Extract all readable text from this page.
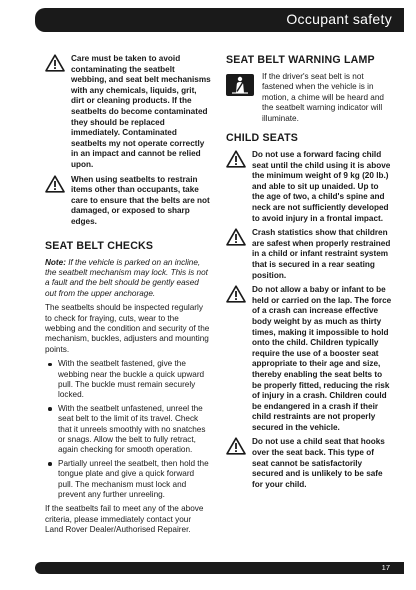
Occupant safety
Care must be taken to avoid contaminating the seatbelt webbing, and seat belt mechanisms with any chemicals, liquids, grit, dirt or cleaning products. If the seatbelts do become contaminated they should be replaced immediately. Contaminated seatbelts my not operate correctly in an impact and cannot be relied upon.
When using seatbelts to restrain items other than occupants, take care to ensure that the belts are not damaged, or exposed to sharp edges.
SEAT BELT CHECKS
Note: If the vehicle is parked on an incline, the seatbelt mechanism may lock. This is not a fault and the belt should be gently eased out from the upper anchorage.
The seatbelts should be inspected regularly to check for fraying, cuts, wear to the webbing and the condition and security of the mechanism, buckles, adjusters and mounting points.
With the seatbelt fastened, give the webbing near the buckle a quick upward pull. The buckle must remain securely locked.
With the seatbelt unfastened, unreel the seat belt to the limit of its travel. Check that it unreels smoothly with no snatches or snags. Allow the belt to fully retract, again checking for smooth operation.
Partially unreel the seatbelt, then hold the tongue plate and give a quick forward pull. The mechanism must lock and prevent any further unreeling.
If the seatbelts fail to meet any of the above criteria, please immediately contact your Land Rover Dealer/Authorised Repairer.
SEAT BELT WARNING LAMP
If the driver's seat belt is not fastened when the vehicle is in motion, a chime will be heard and the seatbelt warning indicator will illuminate.
CHILD SEATS
Do not use a forward facing child seat until the child using it is above the minimum weight of 9 kg (20 lb.) and able to sit up unaided. Up to the age of two, a child's spine and neck are not sufficiently developed to avoid injury in a frontal impact.
Crash statistics show that children are safest when properly restrained in a child or infant restraint system that is secured in a rear seating position.
Do not allow a baby or infant to be held or carried on the lap. The force of a crash can increase effective body weight by as much as thirty times, making it impossible to hold onto the child. Children typically require the use of a booster seat appropriate to their age and size, thereby enabling the seat belts to be properly fitted, reducing the risk of injury in a crash. Children could be endangered in a crash if their child restraints are not properly secured in the vehicle.
Do not use a child seat that hooks over the seat back. This type of seat cannot be satisfactorily secured and is unlikely to be safe for your child.
17
